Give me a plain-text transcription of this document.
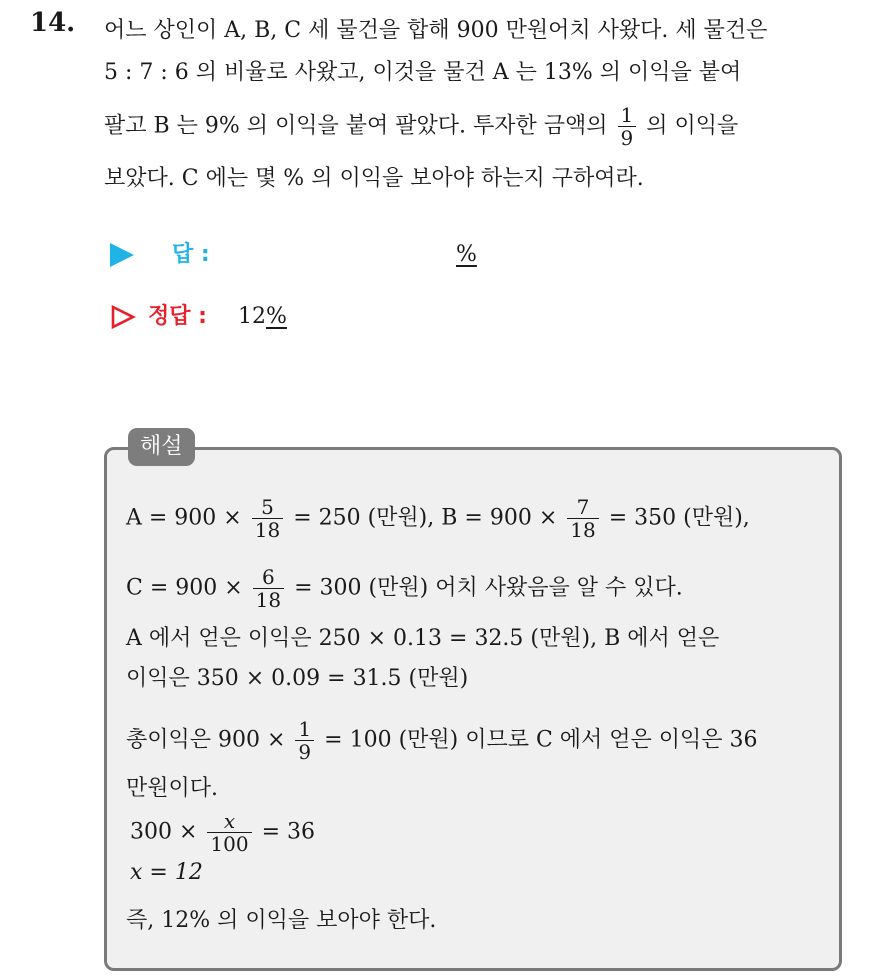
14. 어느 상인이 A, B, C 세 물건을 합해 900 만원어치 사왔다. 세 물건은
5 : 7 : 6 의 비율로 사왔고, 이것을 물건 A 는 13% 의 이익을 붙여
팔고 B 는 9% 의 이익을 붙여 팔았다. 투자한 금액의 $\frac{1}{9}$ 의 이익을
보았다. C 에는 몇 % 의 이익을 보아야 하는지 구하여라.
답 :	%
정답 : 12%
해설
$A = 900 \times \frac{5}{18} = 250$ (만원), $B = 900 \times \frac{7}{18} = 350$ (만원),
$C = 900 \times \frac{6}{18} = 300$ (만원) 어치 사왔음을 알 수 있다.
A 에서 얻은 이익은 250 × 0.13 = 32.5 (만원), B 에서 얻은
이익은 350 × 0.09 = 31.5 (만원)
총이익은 $900 \times \frac{1}{9} = 100$ (만원) 이므로 C 에서 얻은 이익은 36
만원이다.
$300 \times \frac{x}{100} = 36$
x = 12
즉, 12% 의 이익을 보아야 한다.
